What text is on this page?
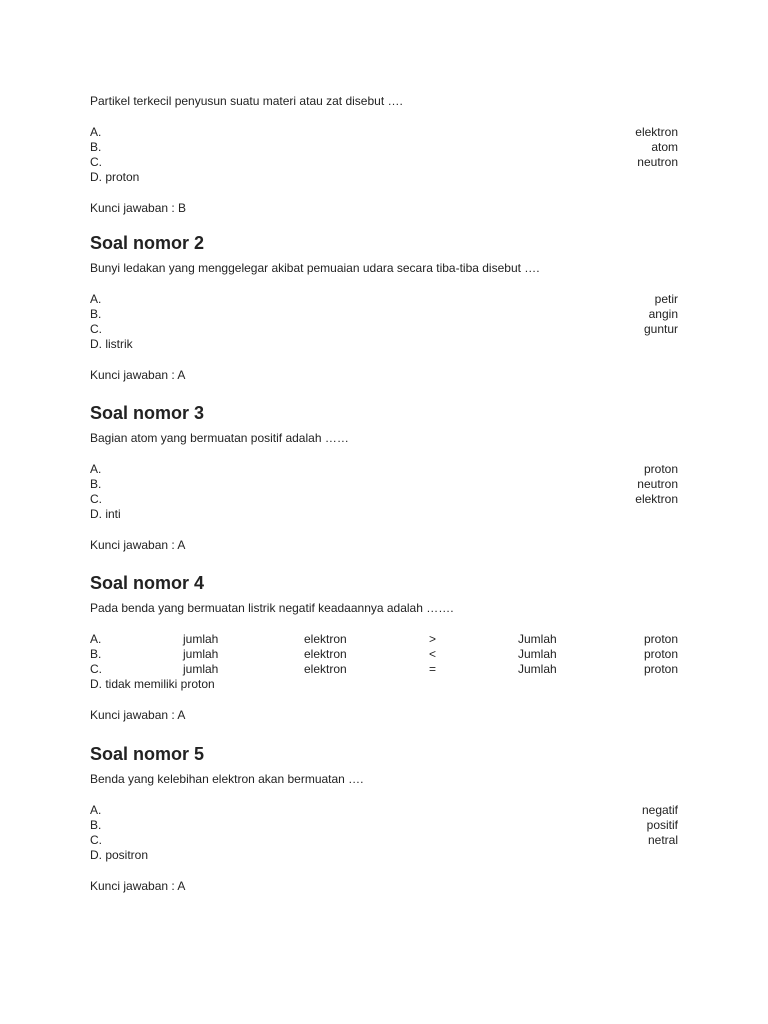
Partikel terkecil penyusun suatu materi atau zat disebut ….

A.	elektron
B.	atom
C.	neutron
D. proton
Kunci jawaban : B
Soal nomor 2

Bunyi ledakan yang menggelegar akibat pemuaian udara secara tiba-tiba disebut ….

A.	petir
B.	angin
C.	guntur
D. listrik
Kunci jawaban : A
Soal nomor 3

Bagian atom yang bermuatan positif adalah ……

A.	proton
B.	neutron
C.	elektron
D. inti
Kunci jawaban : A
Soal nomor 4

Pada benda yang bermuatan listrik negatif keadaannya adalah …….

A.	jumlah	elektron	>	Jumlah	proton
B.	jumlah	elektron	<	Jumlah	proton
C.	jumlah	elektron	=	Jumlah	proton
D. tidak memiliki proton
Kunci jawaban : A
Soal nomor 5

Benda yang kelebihan elektron akan bermuatan ….

A.	negatif
B.	positif
C.	netral
D. positron
Kunci jawaban : A
